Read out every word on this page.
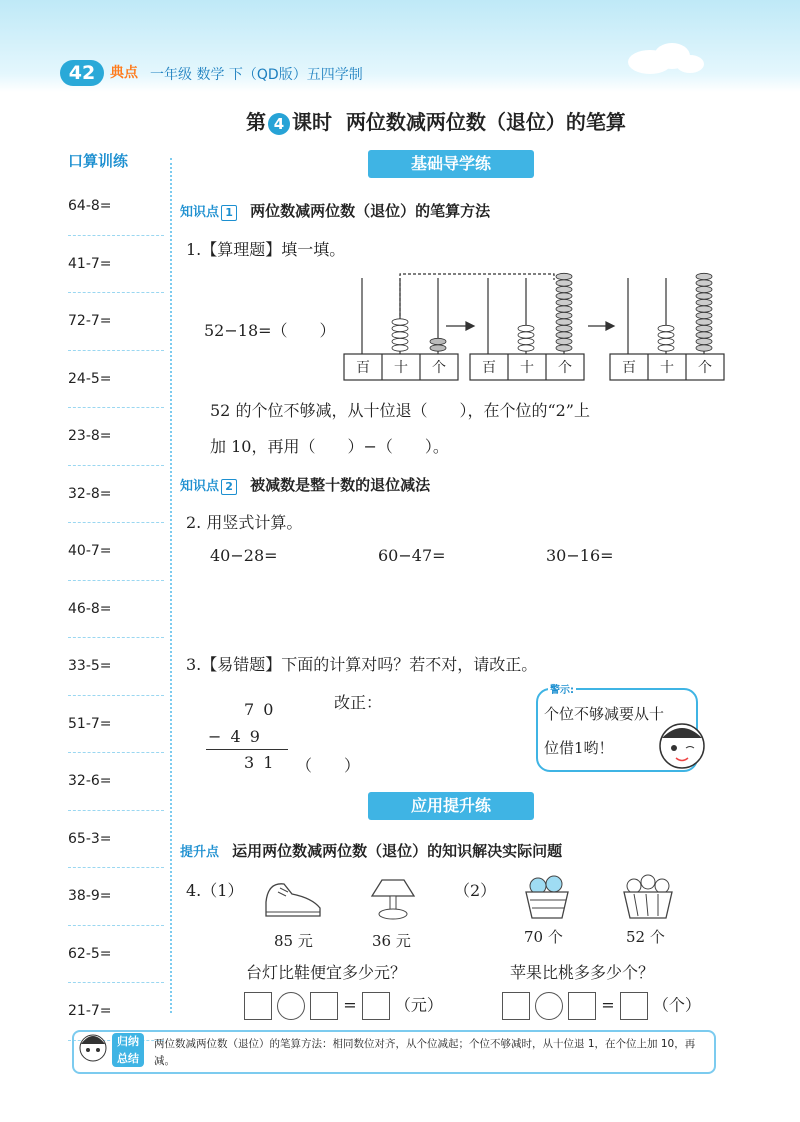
42	典点 一年级 数学 下（QD版）五四学制
第 4 课时 两位数减两位数（退位）的笔算
口算训练
64-8=
41-7=
72-7=
24-5=
23-8=
32-8=
40-7=
46-8=
33-5=
51-7=
32-6=
65-3=
38-9=
62-5=
21-7=
基础导学练
知识点 1 两位数减两位数（退位）的笔算方法
1.【算理题】填一填。
52−18=（　　）
百 十 个	百 十 个	百 十 个
52 的个位不够减，从十位退（　　），在个位的“2”上
加 10，再用（　　）−（　　）。
知识点 2 被减数是整十数的退位减法
2. 用竖式计算。
40−28=	60−47=	30−16=
3.【易错题】下面的计算对吗？若不对，请改正。
7 0
− 4 9
3 1 （　　）
改正：
警示:
个位不够减要从十
位借1哟！
应用提升练
提升点 运用两位数减两位数（退位）的知识解决实际问题
4.（1）	（2）
85 元	36 元	70 个	52 个
台灯比鞋便宜多少元？	苹果比桃多多少个？
= （元）	= （个）
归纳
总结
两位数减两位数（退位）的笔算方法：相同数位对齐，从个位减起；个位不够减时，从十位退 1，在个位上加 10，再减。
